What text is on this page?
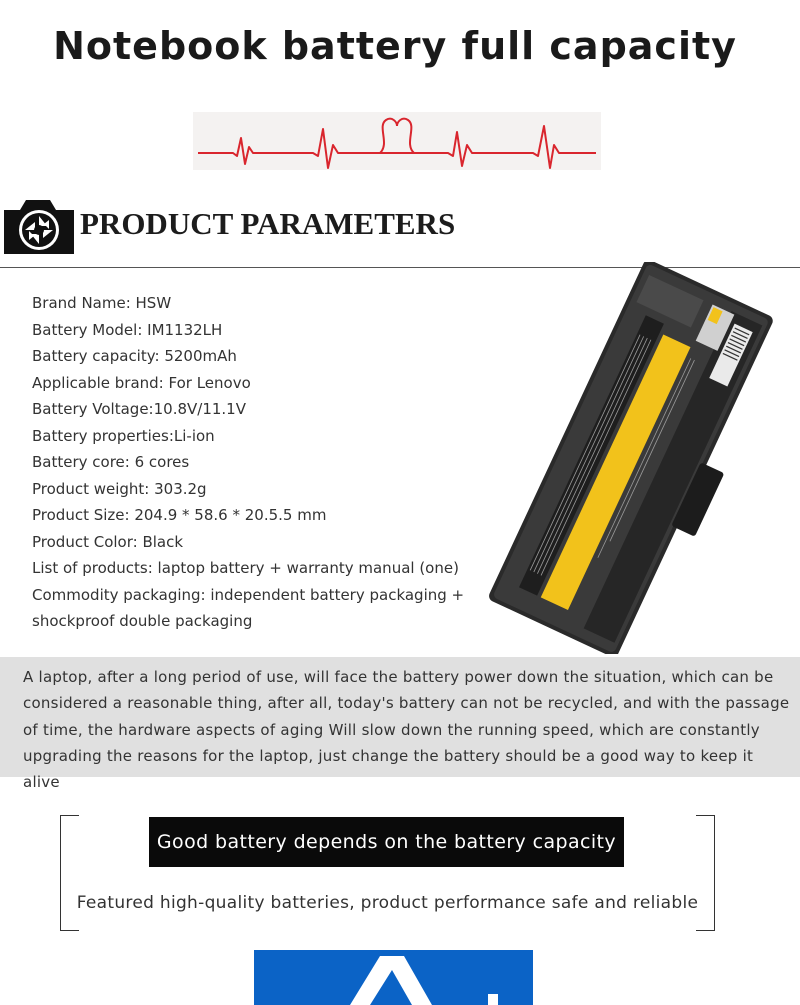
Notebook battery full capacity
PRODUCT PARAMETERS
Brand Name: HSW
Battery Model: IM1132LH
Battery capacity: 5200mAh
Applicable brand: For Lenovo
Battery Voltage:10.8V/11.1V
Battery properties:Li-ion
Battery core: 6 cores
Product weight: 303.2g
Product Size: 204.9 * 58.6 * 20.5.5 mm
Product Color: Black
List of products: laptop battery + warranty manual (one)
Commodity packaging: independent battery packaging + shockproof double packaging

A laptop, after a long period of use, will face the battery power down the situation, which can be considered a reasonable thing, after all, today's battery can not be recycled, and with the passage of time, the hardware aspects of aging Will slow down the running speed, which are constantly upgrading the reasons for the laptop, just change the battery should be a good way to keep it alive

Good battery depends on the battery capacity
Featured high-quality batteries, product performance safe and reliable
